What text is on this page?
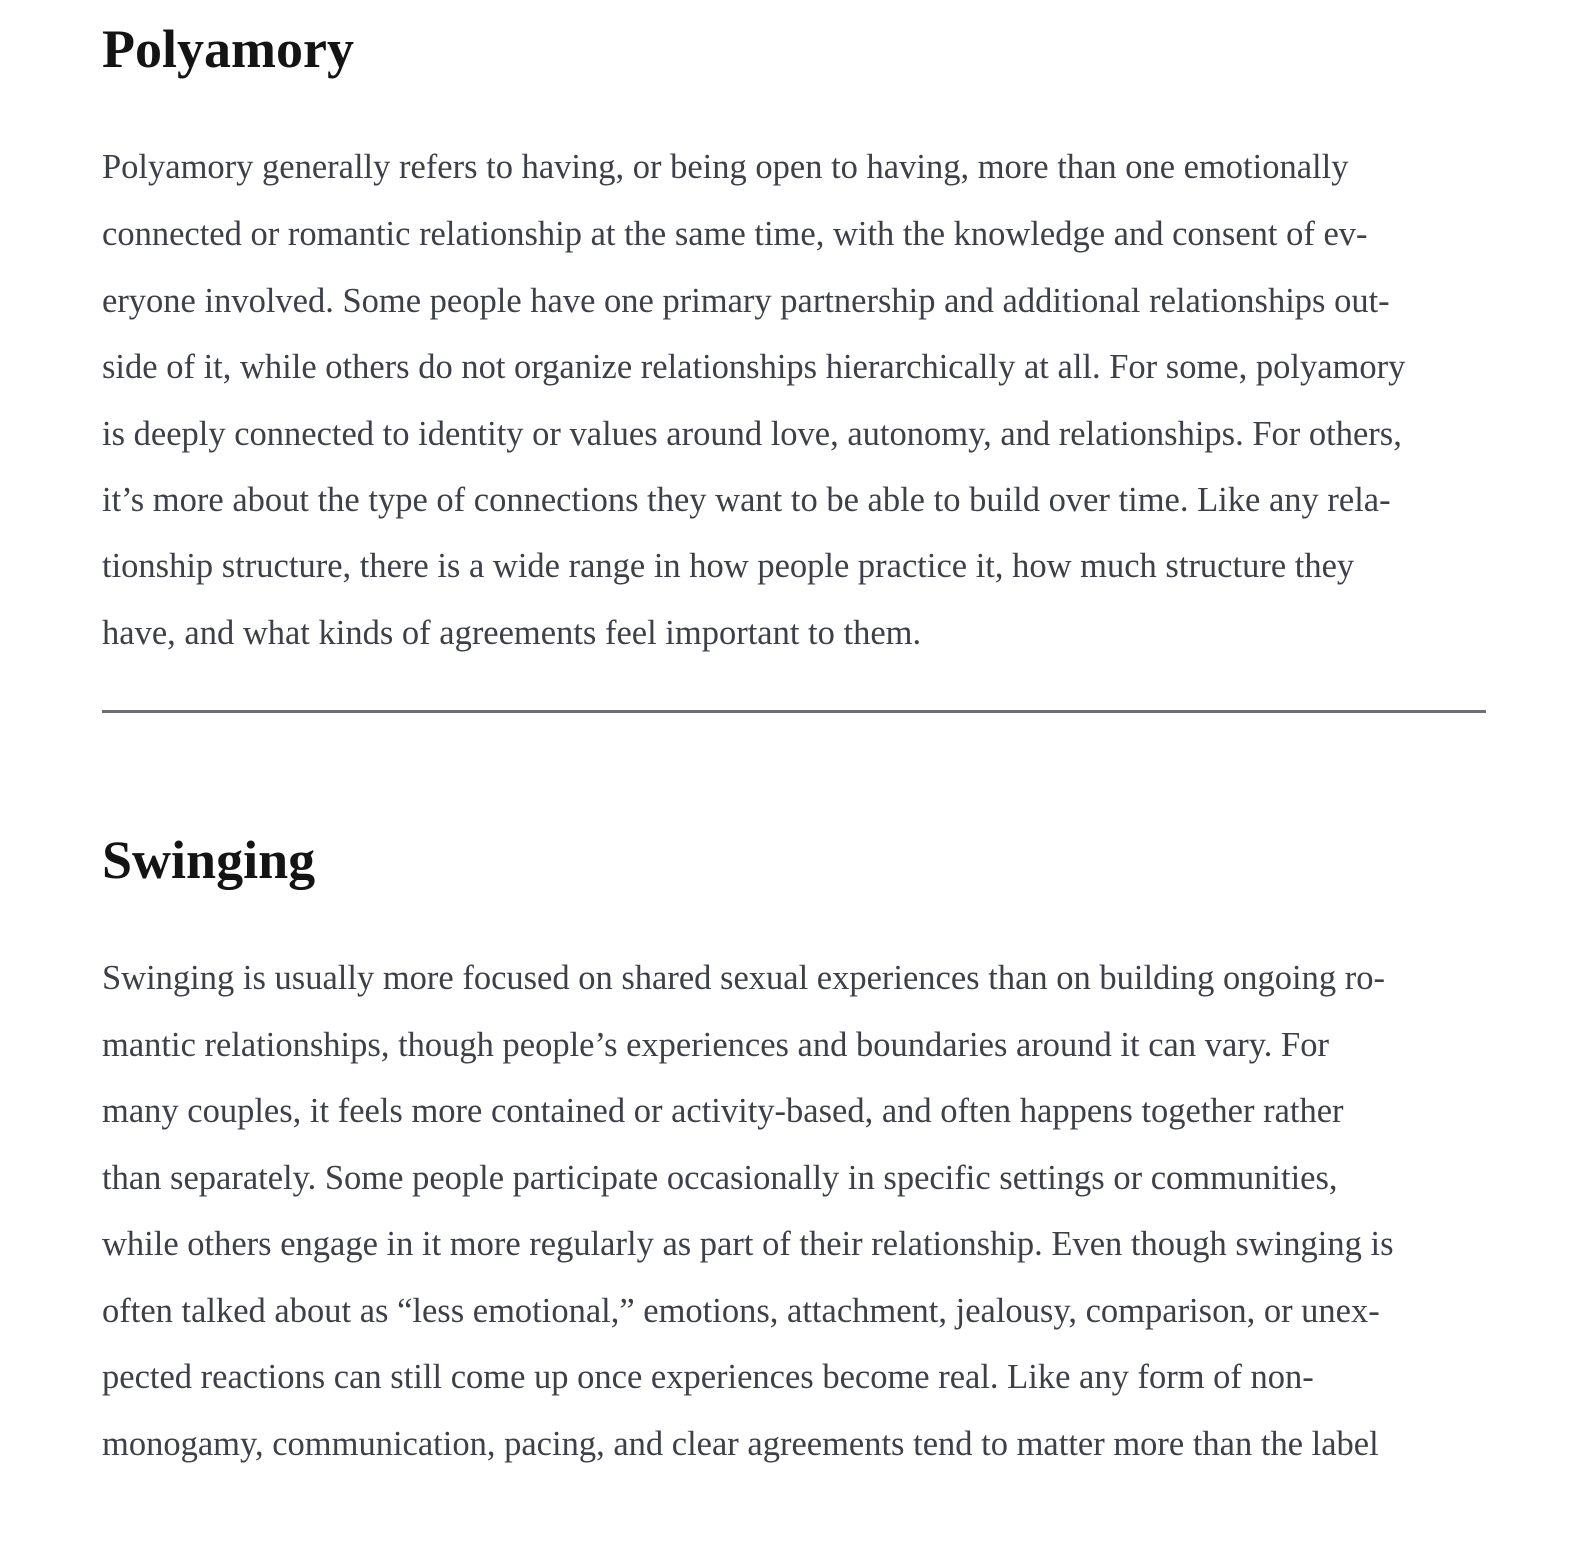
Polyamory

Polyamory generally refers to having, or being open to having, more than one emotionally

connected or romantic relationship at the same time, with the knowledge and consent of ev-

eryone involved. Some people have one primary partnership and additional relationships out-

side of it, while others do not organize relationships hierarchically at all. For some, polyamory

is deeply connected to identity or values around love, autonomy, and relationships. For others,

it’s more about the type of connections they want to be able to build over time. Like any rela-

tionship structure, there is a wide range in how people practice it, how much structure they

have, and what kinds of agreements feel important to them.

Swinging

Swinging is usually more focused on shared sexual experiences than on building ongoing ro-

mantic relationships, though people’s experiences and boundaries around it can vary. For

many couples, it feels more contained or activity-based, and often happens together rather

than separately. Some people participate occasionally in specific settings or communities,

while others engage in it more regularly as part of their relationship. Even though swinging is

often talked about as “less emotional,” emotions, attachment, jealousy, comparison, or unex-

pected reactions can still come up once experiences become real. Like any form of non-

monogamy, communication, pacing, and clear agreements tend to matter more than the label
